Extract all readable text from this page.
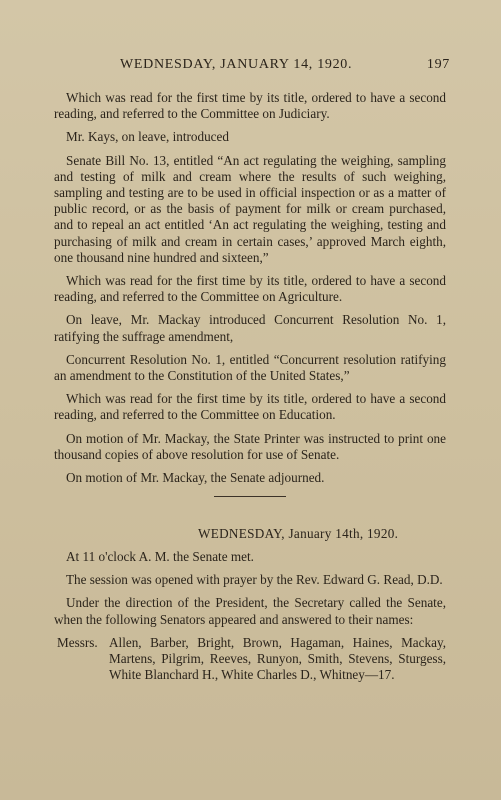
WEDNESDAY, JANUARY 14, 1920.	197

Which was read for the first time by its title, ordered to have a second reading, and referred to the Committee on Judiciary.

Mr. Kays, on leave, introduced

Senate Bill No. 13, entitled “An act regulating the weighing, sampling and testing of milk and cream where the results of such weighing, sampling and testing are to be used in official inspection or as a matter of public record, or as the basis of payment for milk or cream purchased, and to repeal an act entitled ‘An act regulating the weighing, testing and purchasing of milk and cream in certain cases,’ approved March eighth, one thousand nine hundred and sixteen,”

Which was read for the first time by its title, ordered to have a second reading, and referred to the Committee on Agriculture.

On leave, Mr. Mackay introduced Concurrent Resolution No. 1, ratifying the suffrage amendment,

Concurrent Resolution No. 1, entitled “Concurrent resolution ratifying an amendment to the Constitution of the United States,”

Which was read for the first time by its title, ordered to have a second reading, and referred to the Committee on Education.

On motion of Mr. Mackay, the State Printer was instructed to print one thousand copies of above resolution for use of Senate.

On motion of Mr. Mackay, the Senate adjourned.

WEDNESDAY, January 14th, 1920.

At 11 o'clock A. M. the Senate met.

The session was opened with prayer by the Rev. Edward G. Read, D.D.

Under the direction of the President, the Secretary called the Senate, when the following Senators appeared and answered to their names:

Messrs. Allen, Barber, Bright, Brown, Hagaman, Haines, Mackay, Martens, Pilgrim, Reeves, Runyon, Smith, Stevens, Sturgess, White Blanchard H., White Charles D., Whitney—17.
